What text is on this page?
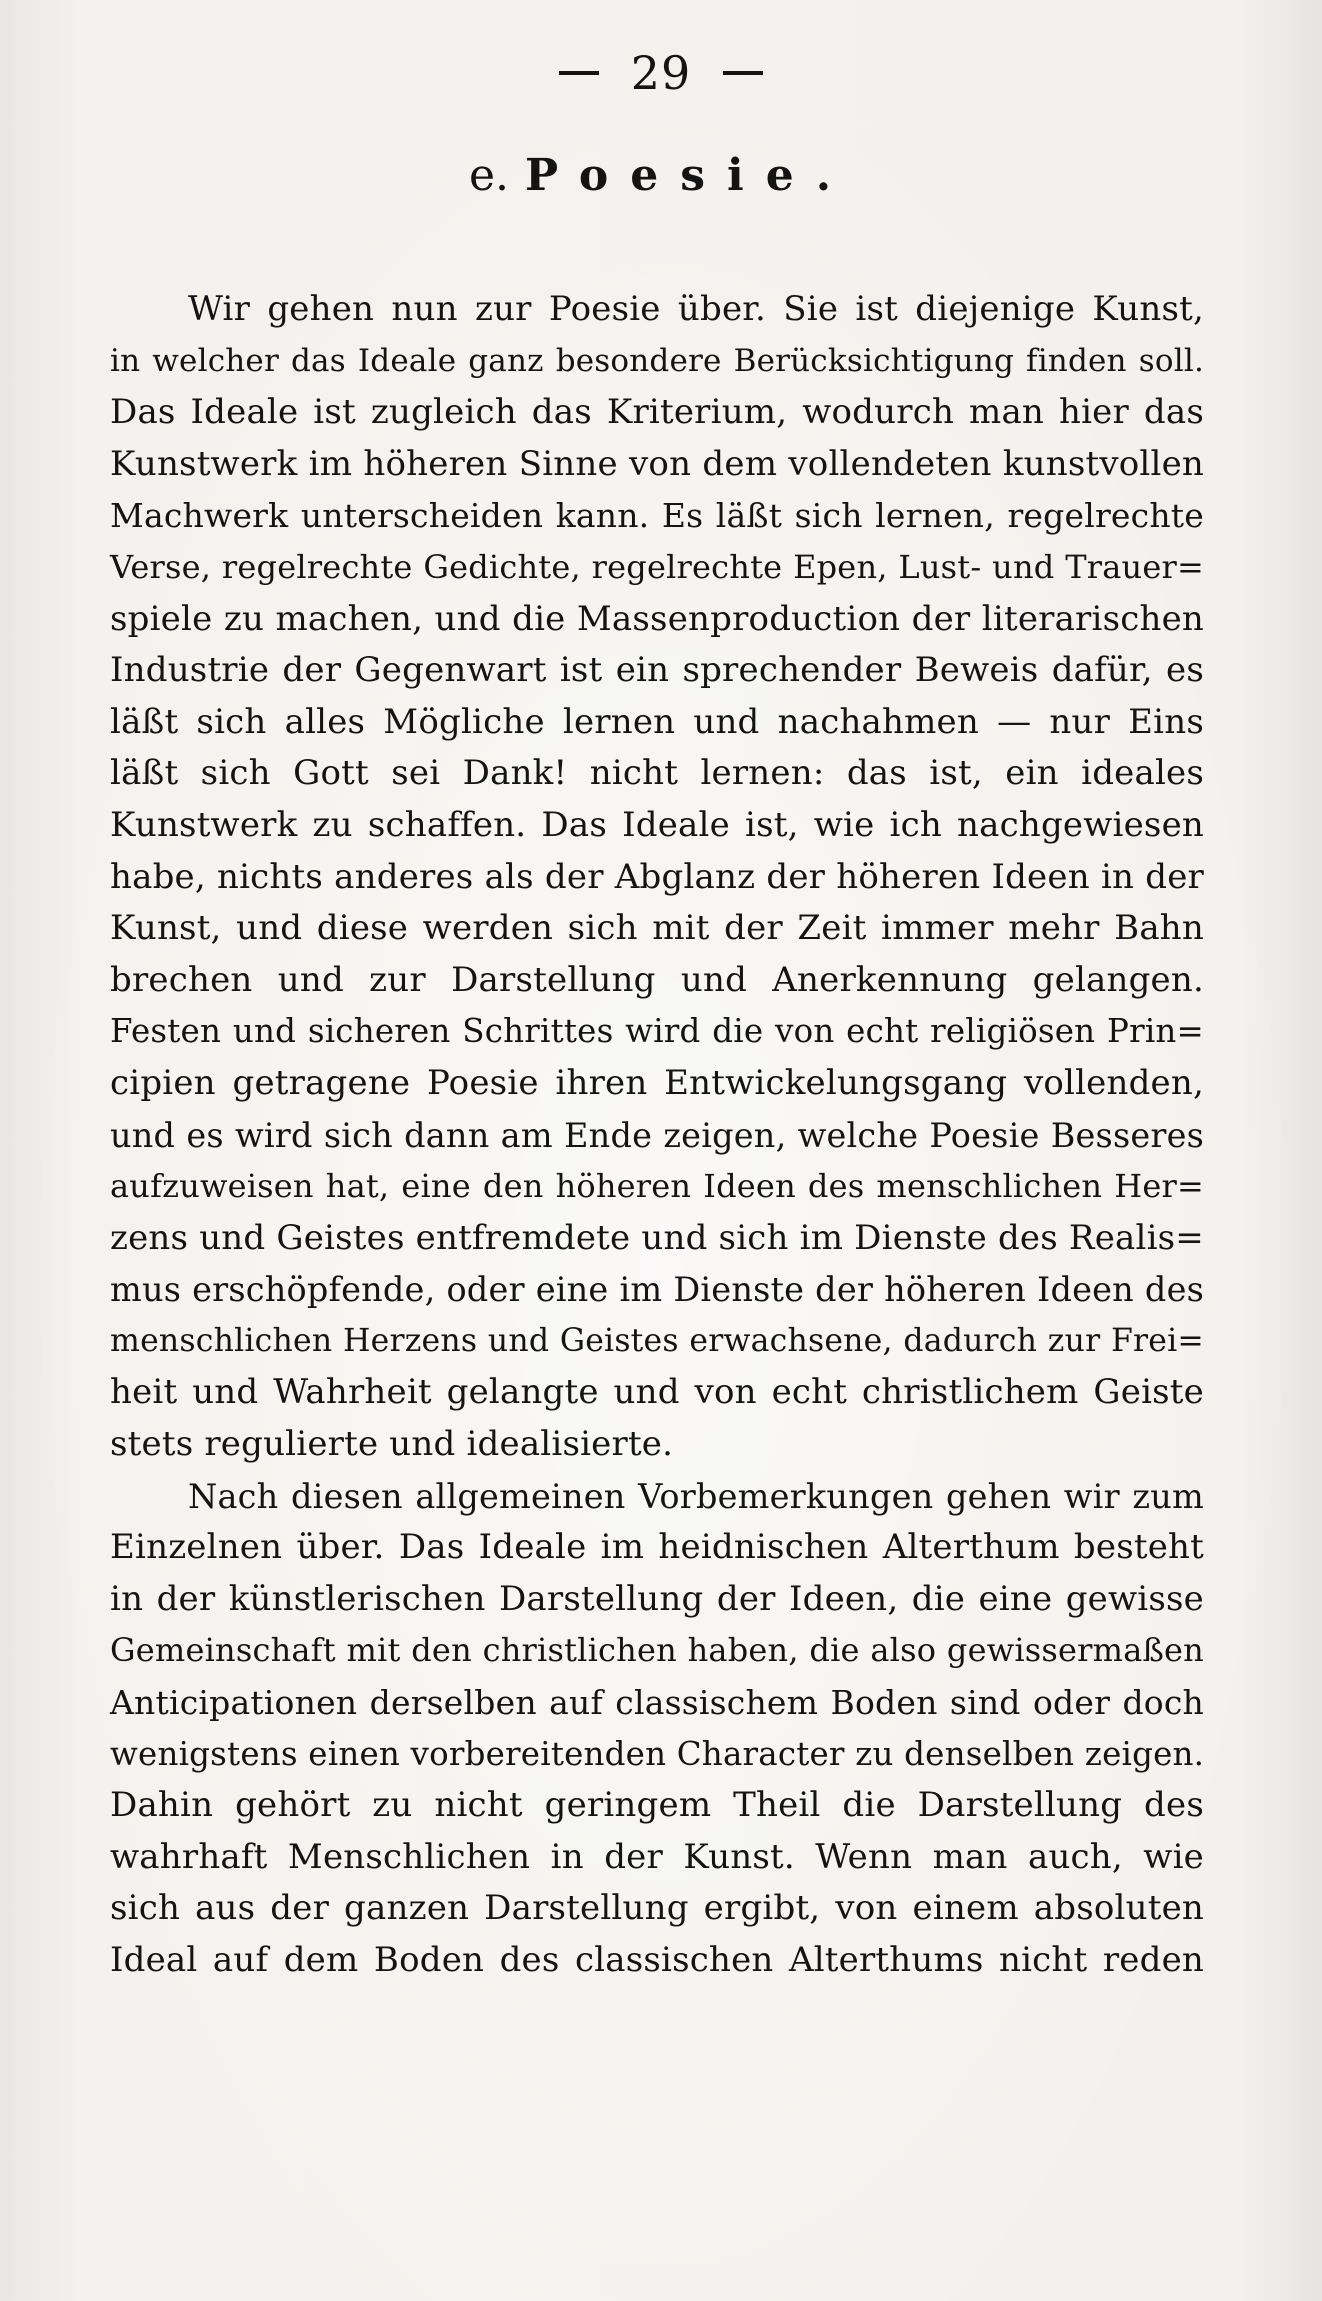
29
e. Poesie.
Wir gehen nun zur Poesie über. Sie ist diejenige Kunst,
in welcher das Ideale ganz besondere Berücksichtigung finden soll.
Das Ideale ist zugleich das Kriterium, wodurch man hier das
Kunstwerk im höheren Sinne von dem vollendeten kunstvollen
Machwerk unterscheiden kann. Es läßt sich lernen, regelrechte
Verse, regelrechte Gedichte, regelrechte Epen, Lust- und Trauer=
spiele zu machen, und die Massenproduction der literarischen
Industrie der Gegenwart ist ein sprechender Beweis dafür, es
läßt sich alles Mögliche lernen und nachahmen — nur Eins
läßt sich Gott sei Dank! nicht lernen: das ist, ein ideales
Kunstwerk zu schaffen. Das Ideale ist, wie ich nachgewiesen
habe, nichts anderes als der Abglanz der höheren Ideen in der
Kunst, und diese werden sich mit der Zeit immer mehr Bahn
brechen und zur Darstellung und Anerkennung gelangen.
Festen und sicheren Schrittes wird die von echt religiösen Prin=
cipien getragene Poesie ihren Entwickelungsgang vollenden,
und es wird sich dann am Ende zeigen, welche Poesie Besseres
aufzuweisen hat, eine den höheren Ideen des menschlichen Her=
zens und Geistes entfremdete und sich im Dienste des Realis=
mus erschöpfende, oder eine im Dienste der höheren Ideen des
menschlichen Herzens und Geistes erwachsene, dadurch zur Frei=
heit und Wahrheit gelangte und von echt christlichem Geiste
stets regulierte und idealisierte.
Nach diesen allgemeinen Vorbemerkungen gehen wir zum
Einzelnen über. Das Ideale im heidnischen Alterthum besteht
in der künstlerischen Darstellung der Ideen, die eine gewisse
Gemeinschaft mit den christlichen haben, die also gewissermaßen
Anticipationen derselben auf classischem Boden sind oder doch
wenigstens einen vorbereitenden Character zu denselben zeigen.
Dahin gehört zu nicht geringem Theil die Darstellung des
wahrhaft Menschlichen in der Kunst. Wenn man auch, wie
sich aus der ganzen Darstellung ergibt, von einem absoluten
Ideal auf dem Boden des classischen Alterthums nicht reden
